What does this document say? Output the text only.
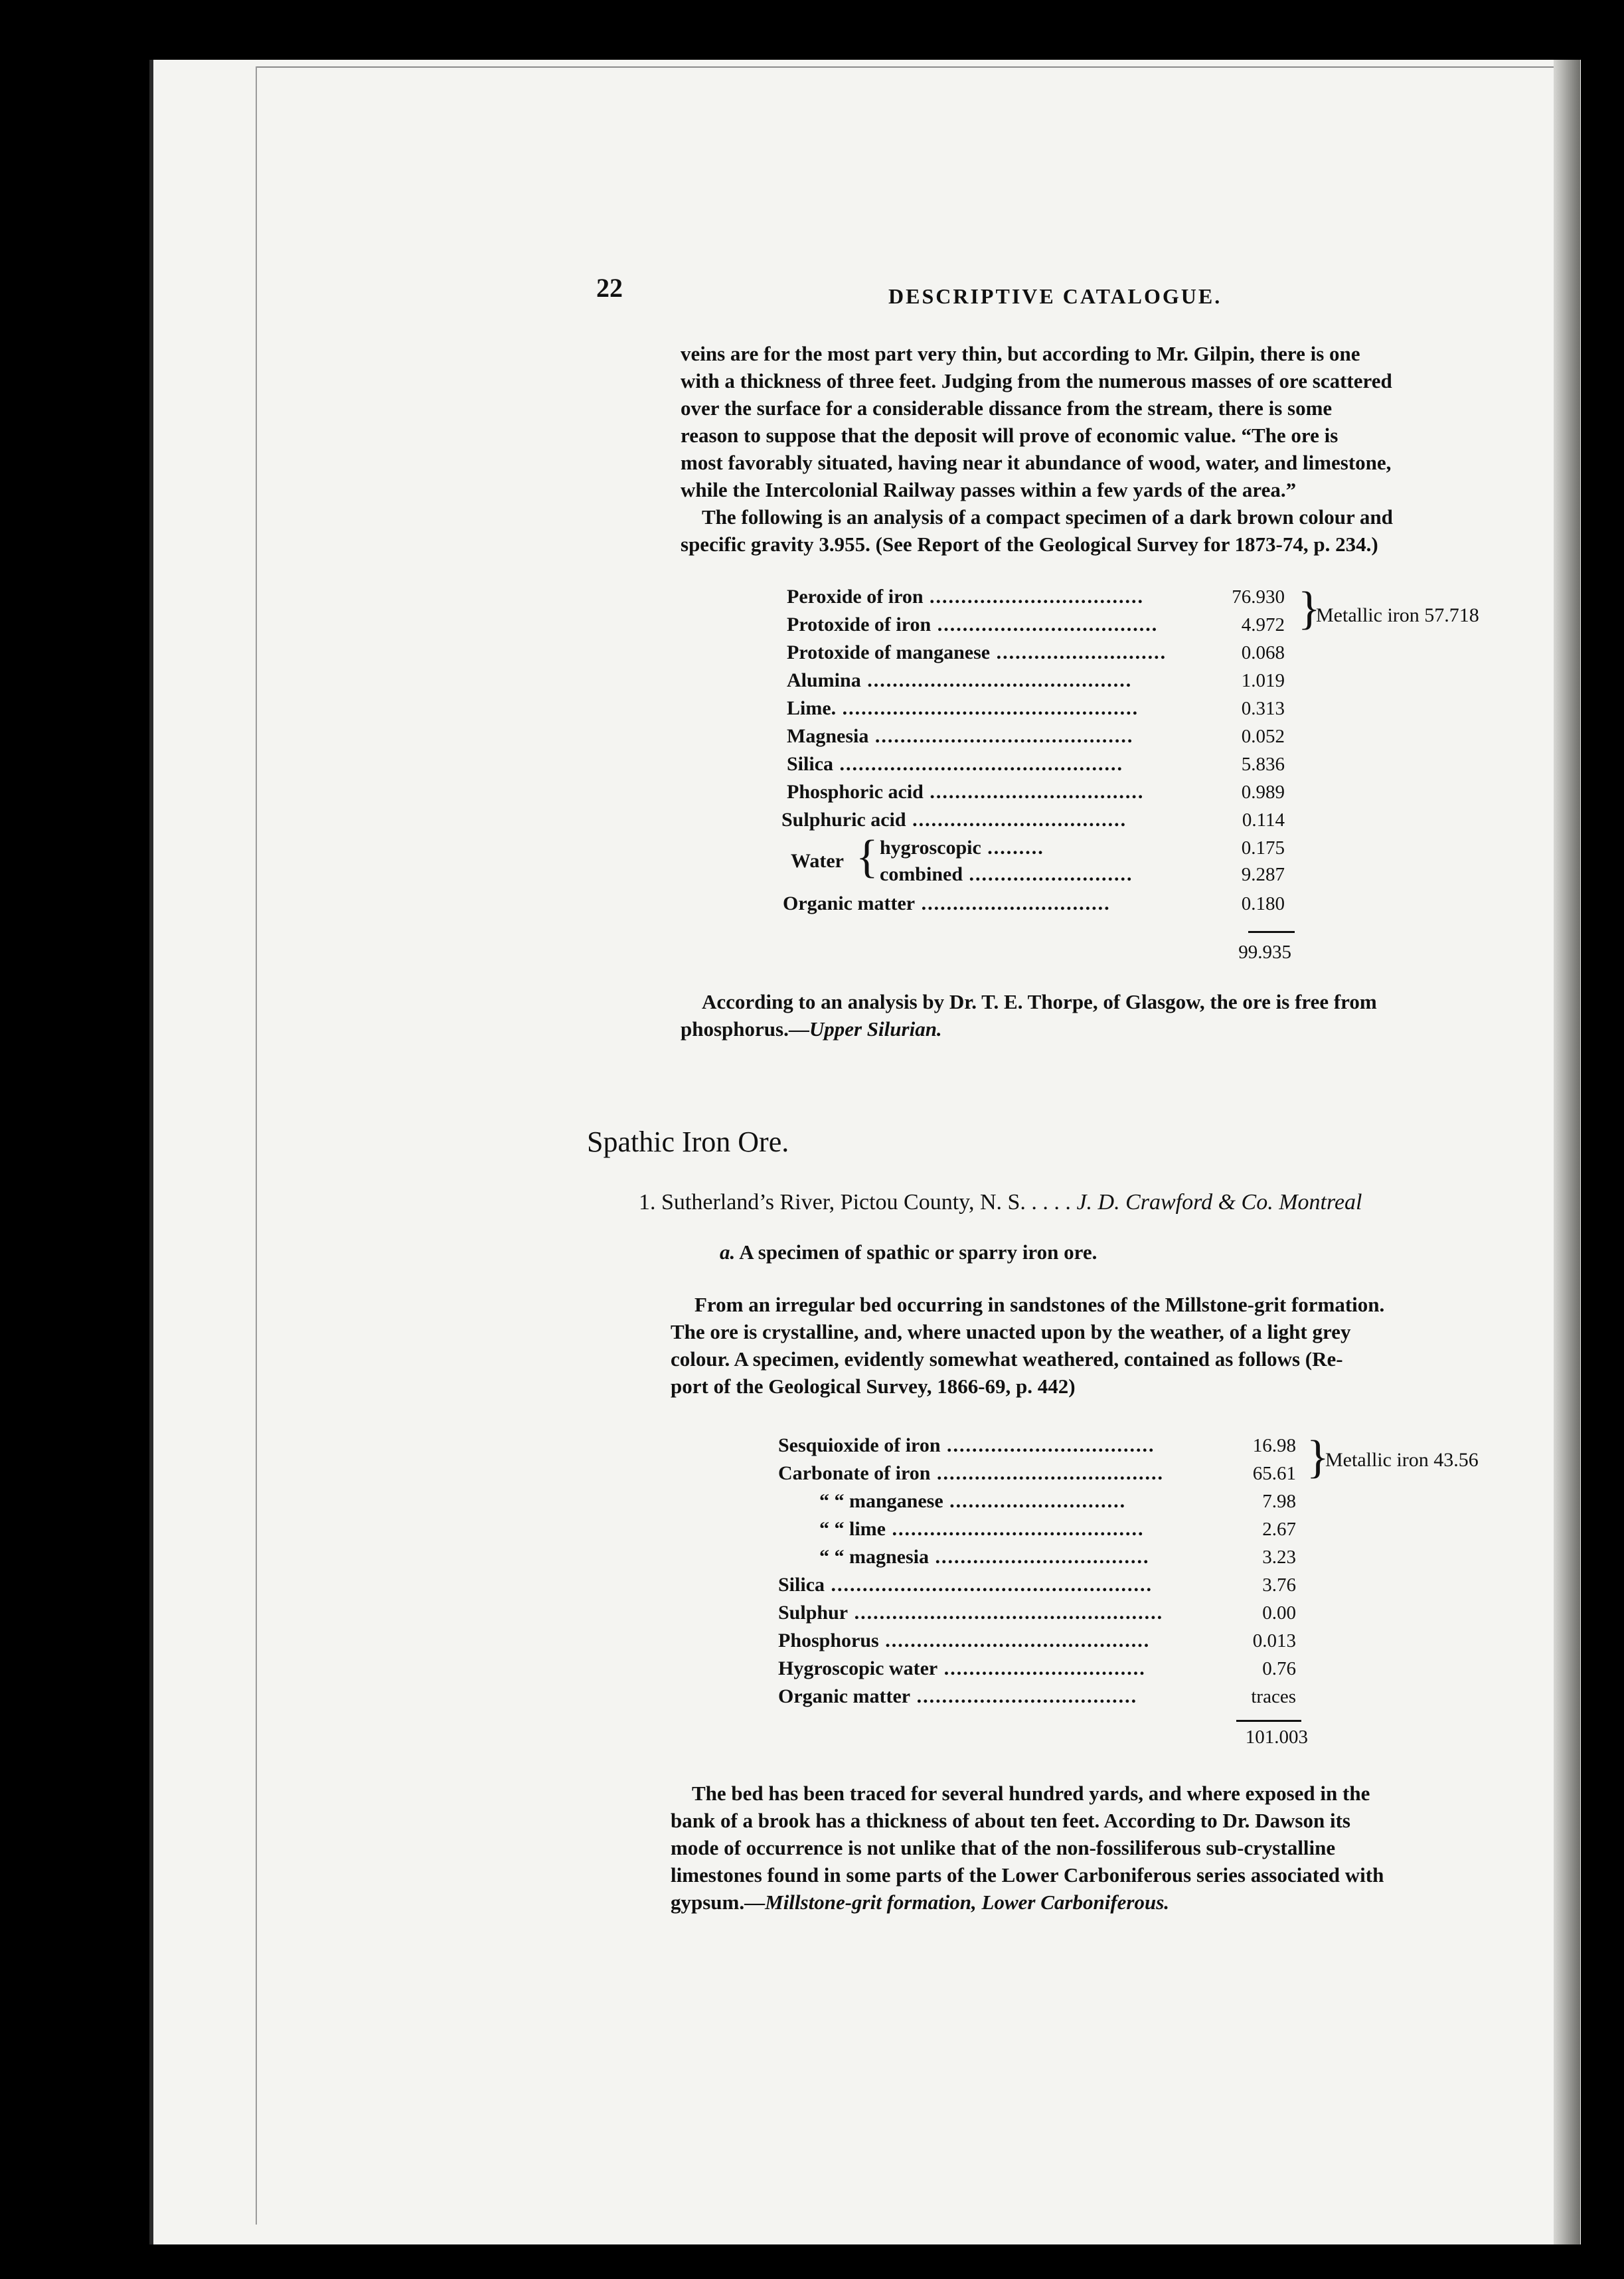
22	DESCRIPTIVE CATALOGUE.
veins are for the most part very thin, but according to Mr. Gilpin, there is one
with a thickness of three feet. Judging from the numerous masses of ore scattered
over the surface for a considerable dissance from the stream, there is some
reason to suppose that the deposit will prove of economic value. “The ore is
most favorably situated, having near it abundance of wood, water, and limestone,
while the Intercolonial Railway passes within a few yards of the area.”
The following is an analysis of a compact specimen of a dark brown colour and
specific gravity 3.955. (See Report of the Geological Survey for 1873-74, p. 234.)
Peroxide of iron ..................................	76.930
Protoxide of iron ...................................	4.972
Protoxide of manganese ...........................	0.068
Alumina ..........................................	1.019
Lime. ...............................................	0.313
Magnesia .........................................	0.052
Silica .............................................	5.836
Phosphoric acid ..................................	0.989
Sulphuric acid ..................................	0.114
Water { hygroscopic .........	0.175
combined ..........................	9.287
Organic matter ..............................	0.180
99.935
}
Metallic iron 57.718
According to an analysis by Dr. T. E. Thorpe, of Glasgow, the ore is free from
phosphorus.—Upper Silurian.
Spathic Iron Ore.
1. Sutherland’s River, Pictou County, N. S. . . . . J. D. Crawford & Co. Montreal
a. A specimen of spathic or sparry iron ore.
From an irregular bed occurring in sandstones of the Millstone-grit formation.
The ore is crystalline, and, where unacted upon by the weather, of a light grey
colour. A specimen, evidently somewhat weathered, contained as follows (Re-
port of the Geological Survey, 1866-69, p. 442)
Sesquioxide of iron .................................	16.98
Carbonate of iron ....................................	65.61
“ “ manganese ............................	7.98
“ “ lime ........................................	2.67
“ “ magnesia ..................................	3.23
Silica ...................................................	3.76
Sulphur .................................................	0.00
Phosphorus ..........................................	0.013
Hygroscopic water ................................	0.76
Organic matter ...................................	traces
}
Metallic iron 43.56
101.003
The bed has been traced for several hundred yards, and where exposed in the
bank of a brook has a thickness of about ten feet. According to Dr. Dawson its
mode of occurrence is not unlike that of the non-fossiliferous sub-crystalline
limestones found in some parts of the Lower Carboniferous series associated with
gypsum.—Millstone-grit formation, Lower Carboniferous.
